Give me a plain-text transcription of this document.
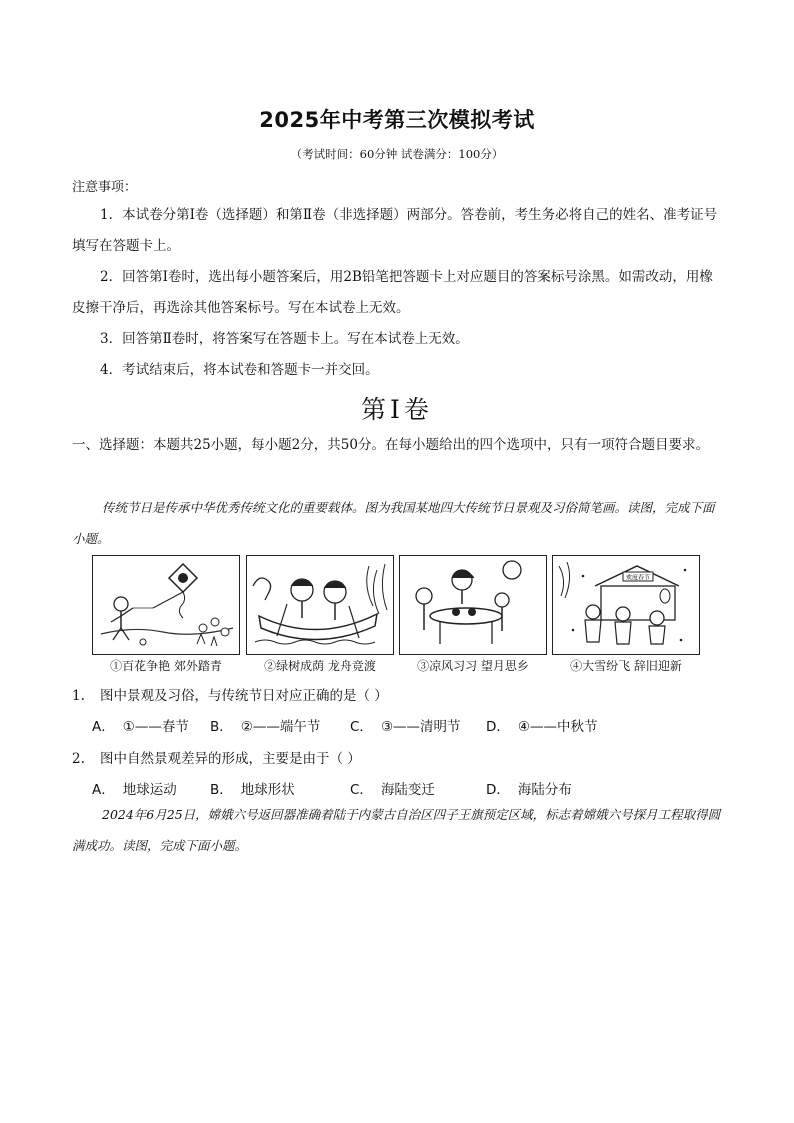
2025年中考第三次模拟考试
（考试时间：60分钟 试卷满分：100分）
注意事项：
1．本试卷分第Ⅰ卷（选择题）和第Ⅱ卷（非选择题）两部分。答卷前，考生务必将自己的姓名、准考证号填写在答题卡上。
2．回答第Ⅰ卷时，选出每小题答案后，用2B铅笔把答题卡上对应题目的答案标号涂黑。如需改动，用橡皮擦干净后，再选涂其他答案标号。写在本试卷上无效。
3．回答第Ⅱ卷时，将答案写在答题卡上。写在本试卷上无效。
4．考试结束后，将本试卷和答题卡一并交回。
第Ⅰ卷
一、选择题：本题共25小题，每小题2分，共50分。在每小题给出的四个选项中，只有一项符合题目要求。
传统节日是传承中华优秀传统文化的重要载体。图为我国某地四大传统节日景观及习俗简笔画。读图，完成下面小题。
欢度春节
①百花争艳 郊外踏青	②绿树成荫 龙舟竞渡	③凉风习习 望月思乡	④大雪纷飞 辞旧迎新
1. 图中景观及习俗，与传统节日对应正确的是（ ）
A． ①——春节 B． ②——端午节 C． ③——清明节 D． ④——中秋节
2. 图中自然景观差异的形成，主要是由于（ ）
A． 地球运动 B． 地球形状	C． 海陆变迁	D． 海陆分布
2024年6月25日，嫦娥六号返回器准确着陆于内蒙古自治区四子王旗预定区域，标志着嫦娥六号探月工程取得圆满成功。读图，完成下面小题。
